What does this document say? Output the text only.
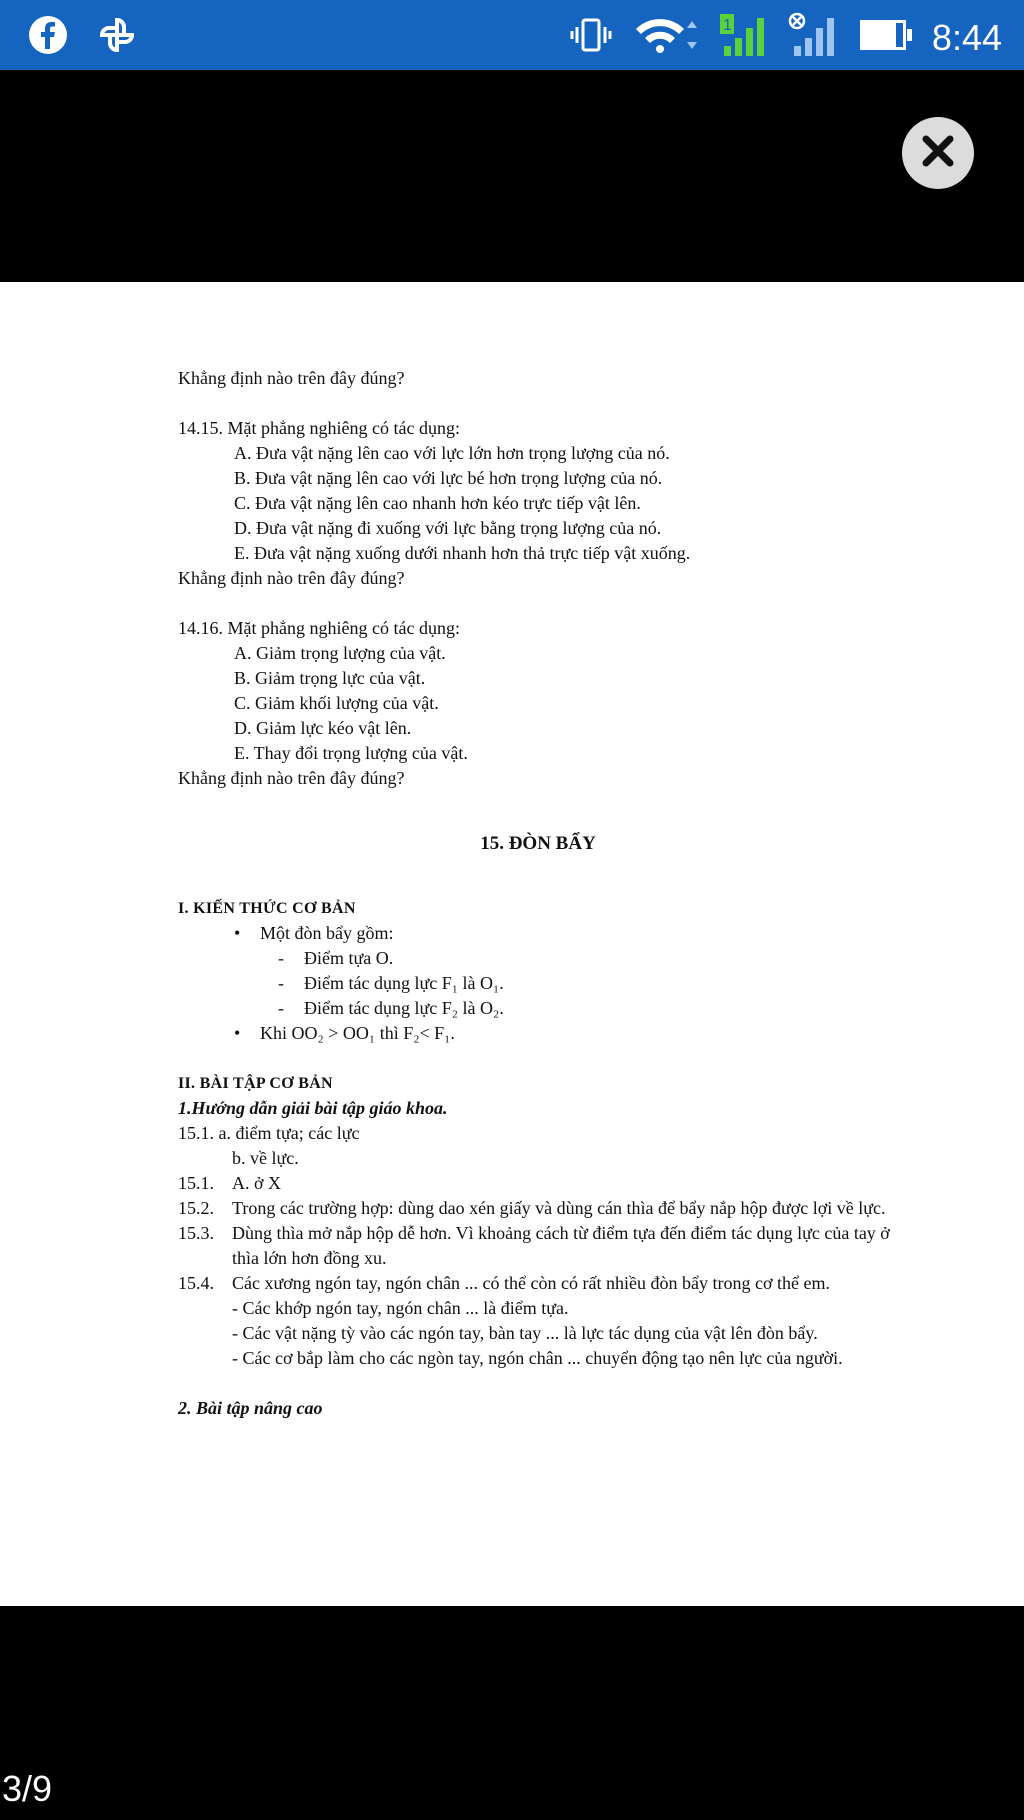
1	8:44
Khẳng định nào trên đây đúng?
14.15. Mặt phẳng nghiêng có tác dụng:
A. Đưa vật nặng lên cao với lực lớn hơn trọng lượng của nó.
B. Đưa vật nặng lên cao với lực bé hơn trọng lượng của nó.
C. Đưa vật nặng lên cao nhanh hơn kéo trực tiếp vật lên.
D. Đưa vật nặng đi xuống với lực bằng trọng lượng của nó.
E. Đưa vật nặng xuống dưới nhanh hơn thả trực tiếp vật xuống.
Khẳng định nào trên đây đúng?
14.16. Mặt phẳng nghiêng có tác dụng:
A. Giảm trọng lượng của vật.
B. Giảm trọng lực của vật.
C. Giảm khối lượng của vật.
D. Giảm lực kéo vật lên.
E. Thay đổi trọng lượng của vật.
Khẳng định nào trên đây đúng?
15. ĐÒN BẨY
I. KIẾN THỨC CƠ BẢN
•	Một đòn bẩy gồm:
-	Điểm tựa O.
-	Điểm tác dụng lực F₁ là O₁.
-	Điểm tác dụng lực F₂ là O₂.
•	Khi OO₂ > OO₁ thì F₂< F₁.
II. BÀI TẬP CƠ BẢN
1.Hướng dẫn giải bài tập giáo khoa.
15.1. a. điểm tựa; các lực
b. về lực.
15.1.	A. ở X
15.2.	Trong các trường hợp: dùng dao xén giấy và dùng cán thìa để bẩy nắp hộp được lợi về lực.
15.3.	Dùng thìa mở nắp hộp dễ hơn. Vì khoảng cách từ điểm tựa đến điểm tác dụng lực của tay ở thìa lớn hơn đồng xu.
15.4.	Các xương ngón tay, ngón chân ... có thể còn có rất nhiều đòn bẩy trong cơ thể em.
- Các khớp ngón tay, ngón chân ... là điểm tựa.
- Các vật nặng tỳ vào các ngón tay, bàn tay ... là lực tác dụng của vật lên đòn bẩy.
- Các cơ bắp làm cho các ngòn tay, ngón chân ... chuyển động tạo nên lực của người.
2. Bài tập nâng cao
3/9
